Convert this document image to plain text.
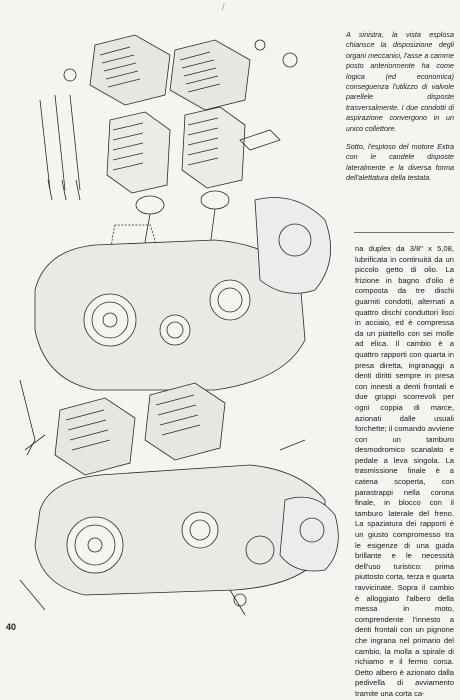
/

A sinistra, la vista esplosa chiarisce la disposizione degli organi meccanici, l'asse a camme posto anteriormente ha come logica (ed economica) conseguenza l'utilizzo di valvole parellele disposte trasversalmente. I due condotti di aspirazione convergono in un unico collettore.

Sotto, l'esploso del motore Extra con le candele disposte lateralmente e la diversa forma dell'alettatura della testata.

na duplex da 3/8" x 5,08, lubrificata in continuità da un piccolo getto di olio. La frizione in bagno d'olio è composta da tre dischi guarniti condotti, alternati a quattro dischi conduttori lisci in acciaio, ed è compressa da un piattello con sei molle ad elica. Il cambio è a quattro rapporti con quarta in presa diretta, ingranaggi a denti diritti sempre in presa con innesti a denti frontali e due gruppi scorrevoli per ogni coppia di marce, azionati dalle usuali forchette; il comando avviene con un tamburo desmodromico scanalato e pedale a leva singola. La trasmissione finale è a catena scoperta, con parastrappi nella corona finale, in blocco con il tamburo laterale del freno. La spaziatura dei rapporti è un giusto compromesso tra le esigenze di una guida brillante e le necessità dell'uso turistico: prima piuttosto corta, terza e quarta ravvicinate. Sopra il cambio è alloggiato l'albero della messa in moto, comprendente l'innesto a denti frontali con un pignone che ingrana nel primario del cambio, la molla a spirale di richiamo e il fermo corsa. Detto albero è azionato dalla pedivella di avviamento tramite una corta ca-

40
